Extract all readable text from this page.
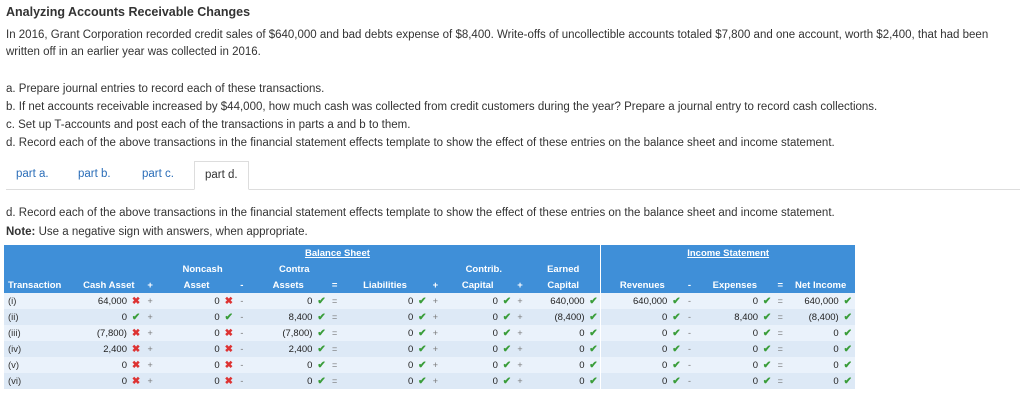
Analyzing Accounts Receivable Changes
In 2016, Grant Corporation recorded credit sales of $640,000 and bad debts expense of $8,400. Write-offs of uncollectible accounts totaled $7,800 and one account, worth $2,400, that had been written off in an earlier year was collected in 2016.
a. Prepare journal entries to record each of these transactions.
b. If net accounts receivable increased by $44,000, how much cash was collected from credit customers during the year? Prepare a journal entry to record cash collections.
c. Set up T-accounts and post each of the transactions in parts a and b to them.
d. Record each of the above transactions in the financial statement effects template to show the effect of these entries on the balance sheet and income statement.
part a.	part b.	part c.	part d.
d. Record each of the above transactions in the financial statement effects template to show the effect of these entries on the balance sheet and income statement.
Note: Use a negative sign with answers, when appropriate.
	Balance Sheet																	Income Statement							
				Noncash			Contra						Contrib.			Earned									
Transaction	Cash Asset		+	Asset		-	Assets		=	Liabilities		+	Capital		+	Capital		Revenues		-	Expenses		=	Net Income	
(i)	64,000	✖	+	0	✖	-	0	✔	=	0	✔	+	0	✔	+	640,000	✔	640,000	✔	-	0	✔	=	640,000	✔
(ii)	0	✔	+	0	✔	-	8,400	✔	=	0	✔	+	0	✔	+	(8,400)	✔	0	✔	-	8,400	✔	=	(8,400)	✔
(iii)	(7,800)	✖	+	0	✖	-	(7,800)	✔	=	0	✔	+	0	✔	+	0	✔	0	✔	-	0	✔	=	0	✔
(iv)	2,400	✖	+	0	✖	-	2,400	✔	=	0	✔	+	0	✔	+	0	✔	0	✔	-	0	✔	=	0	✔
(v)	0	✖	+	0	✖	-	0	✔	=	0	✔	+	0	✔	+	0	✔	0	✔	-	0	✔	=	0	✔
(vi)	0	✖	+	0	✖	-	0	✔	=	0	✔	+	0	✔	+	0	✔	0	✔	-	0	✔	=	0	✔
